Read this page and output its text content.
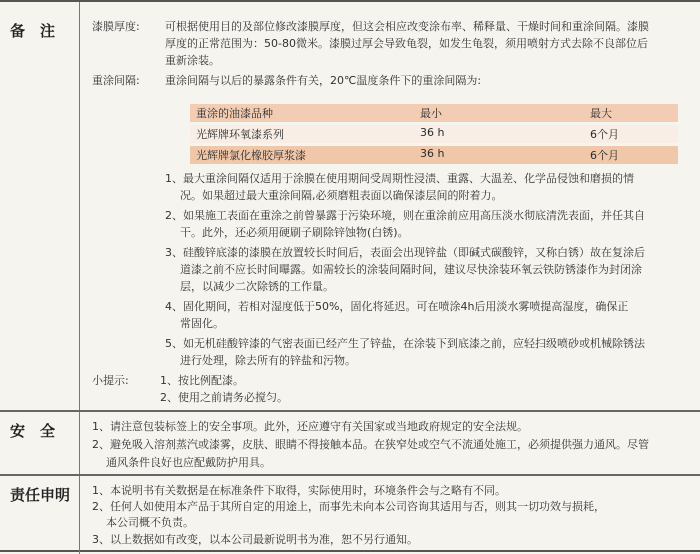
备　注	漆膜厚度: 可根据使用目的及部位修改漆膜厚度，但这会相应改变涂布率、稀释量、干燥时间和重涂间隔。漆膜
厚度的正常范围为：50-80微米。漆膜过厚会导致龟裂，如发生龟裂，须用喷射方式去除不良部位后
重新涂装。
重涂间隔: 重涂间隔与以后的暴露条件有关，20℃温度条件下的重涂间隔为:
重涂的油漆品种	最小	最大
光辉牌环氧漆系列	36 h	6个月
光辉牌氯化橡胶厚浆漆	36 h	6个月
1、最大重涂间隔仅适用于涂膜在使用期间受周期性浸渍、重露、大温差、化学品侵蚀和磨损的情
况。如果超过最大重涂间隔,必须磨粗表面以确保漆层间的附着力。
2、如果施工表面在重涂之前曾暴露于污染环境，则在重涂前应用高压淡水彻底清洗表面，并任其自
干。此外，还必须用硬刷子刷除锌蚀物(白锈)。
3、硅酸锌底漆的漆膜在放置较长时间后，表面会出现锌盐（即碱式碳酸锌，又称白锈）故在复涂后
道漆之前不应长时间曝露。如需较长的涂装间隔时间，建议尽快涂装环氧云铁防锈漆作为封闭涂
层，以减少二次除锈的工作量。
4、固化期间，若相对湿度低于50%，固化将延迟。可在喷涂4h后用淡水雾喷提高湿度，确保正
常固化。
5、如无机硅酸锌漆的气密表面已经产生了锌盐，在涂装下到底漆之前，应轻扫级喷砂或机械除锈法
进行处理，除去所有的锌盐和污物。
小提示:	1、按比例配漆。
2、使用之前请务必搅匀。
安　全	1、请注意包装标签上的安全事项。此外，还应遵守有关国家或当地政府规定的安全法规。
2、避免吸入溶剂蒸汽或漆雾，皮肤、眼睛不得接触本品。在狭窄处或空气不流通处施工，必须提供强力通风。尽管
通风条件良好也应配戴防护用具。
责任申明 1、本说明书有关数据是在标准条件下取得，实际使用时，环境条件会与之略有不同。
2、任何人如使用本产品于其所自定的用途上，而事先未向本公司咨询其适用与否，则其一切功效与损耗，
本公司概不负责。
3、以上数据如有改变，以本公司最新说明书为准，恕不另行通知。
